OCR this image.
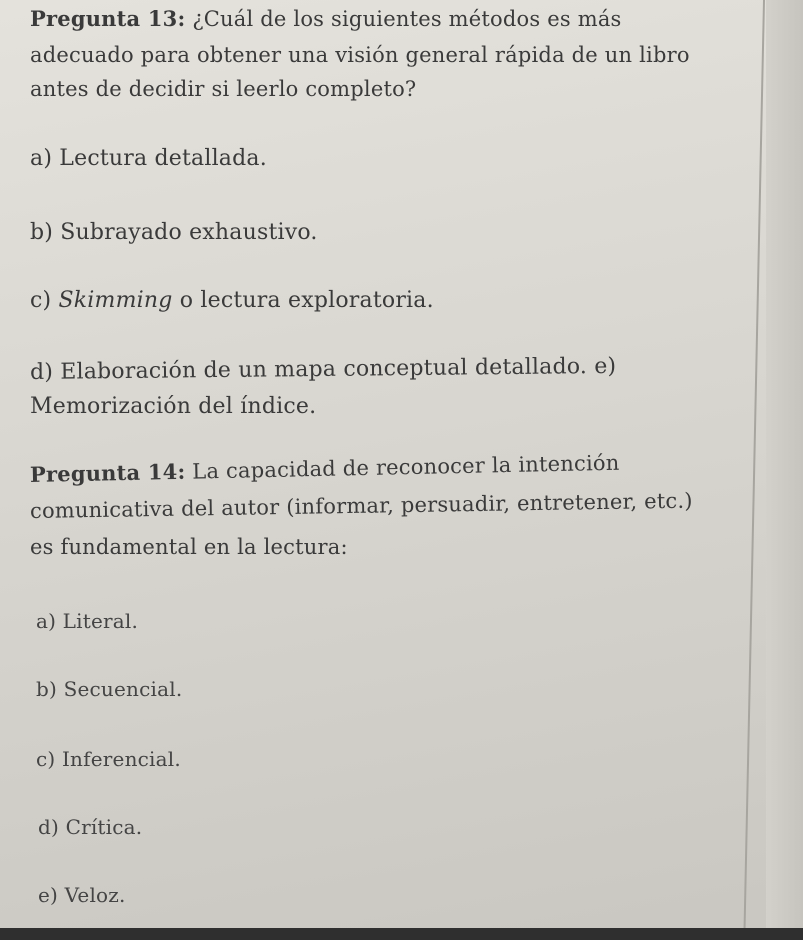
Pregunta 13: ¿Cuál de los siguientes métodos es más
adecuado para obtener una visión general rápida de un libro
antes de decidir si leerlo completo?
a) Lectura detallada.
b) Subrayado exhaustivo.
c) Skimming o lectura exploratoria.
d) Elaboración de un mapa conceptual detallado. e)
Memorización del índice.
Pregunta 14: La capacidad de reconocer la intención
comunicativa del autor (informar, persuadir, entretener, etc.)
es fundamental en la lectura:
a) Literal.
b) Secuencial.
c) Inferencial.
d) Crítica.
e) Veloz.
